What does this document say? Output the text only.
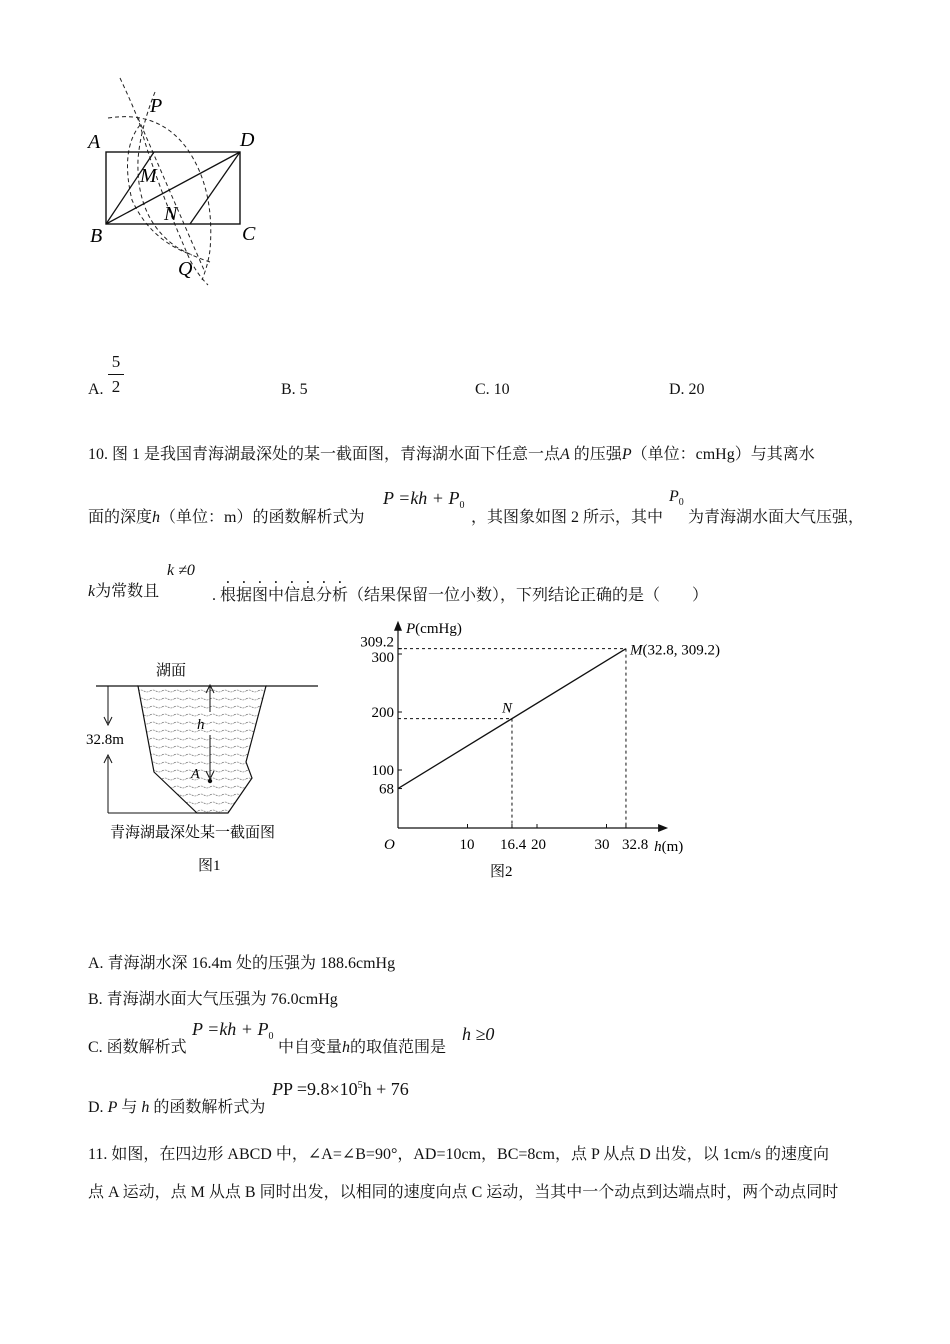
P
A	D
M
N
B	C
Q
A.
5
2	B. 5	C. 10	D. 20
10. 图 1 是我国青海湖最深处的某一截面图，青海湖水面下任意一点A 的压强P（单位：cmHg）与其离水
面的深度h（单位：m）的函数解析式为
$P =kh + P_0$
，其图象如图 2 所示，其中
$P_0$
为青海湖水面大气压强，
k为常数且
k ≠0
. 根据图中信息分析（结果保留一位小数），下列结论正确的是（　　）
湖面
32.8m
h
A
青海湖最深处某一截面图
图1
P(cmHg)
h(m)
O	10 16.4 20	30 32.8
68
100
200
300
309.2	M(32.8, 309.2)
N
图2
A. 青海湖水深 16.4m 处的压强为 188.6cmHg
B. 青海湖水面大气压强为 76.0cmHg
C. 函数解析式
$P =kh + P_0$
中自变量h的取值范围是
h ≥0
D. P 与 h 的函数解析式为
PP $=9.8\times 10^5h + 76$
11. 如图，在四边形 ABCD 中，∠A=∠B=90°，AD=10cm，BC=8cm，点 P 从点 D 出发，以 1cm/s 的速度向
点 A 运动，点 M 从点 B 同时出发，以相同的速度向点 C 运动，当其中一个动点到达端点时，两个动点同时
